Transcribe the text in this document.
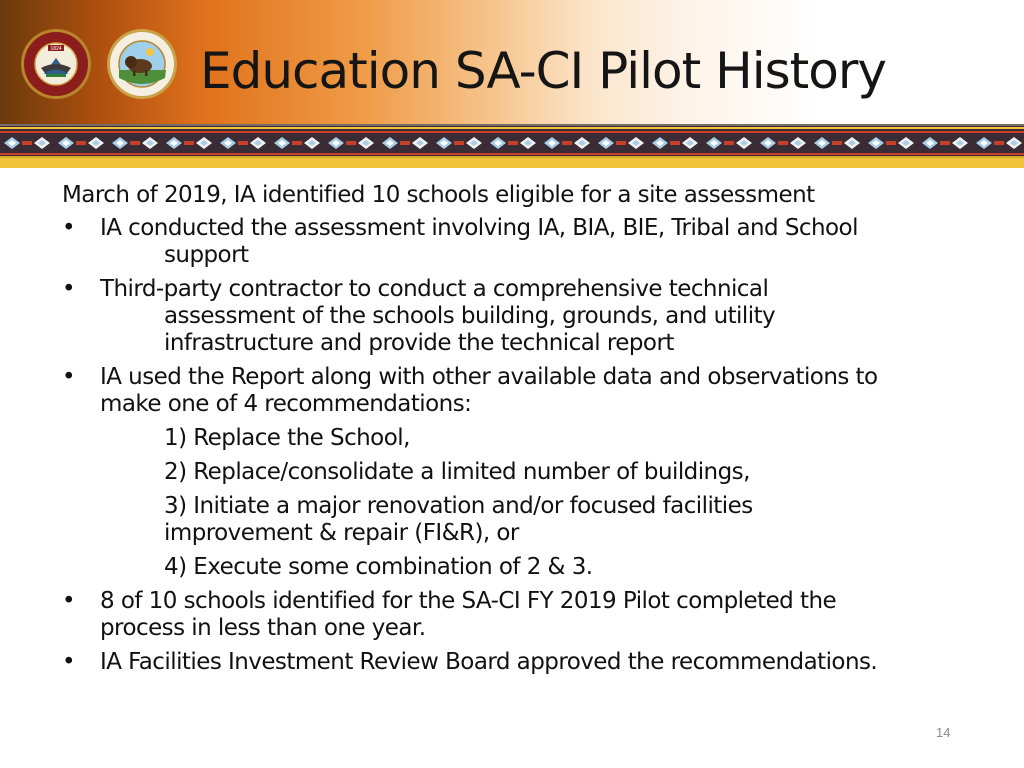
1824	Education SA-CI Pilot History

March of 2019, IA identified 10 schools eligible for a site assessment

• IA conducted the assessment involving IA, BIA, BIE, Tribal and School
support
• Third-party contractor to conduct a comprehensive technical
assessment of the schools building, grounds, and utility
infrastructure and provide the technical report
• IA used the Report along with other available data and observations to
make one of 4 recommendations:
1) Replace the School,
2) Replace/consolidate a limited number of buildings,
3) Initiate a major renovation and/or focused facilities
improvement & repair (FI&R), or
4) Execute some combination of 2 & 3.
• 8 of 10 schools identified for the SA-CI FY 2019 Pilot completed the
process in less than one year.
• IA Facilities Investment Review Board approved the recommendations.
14
